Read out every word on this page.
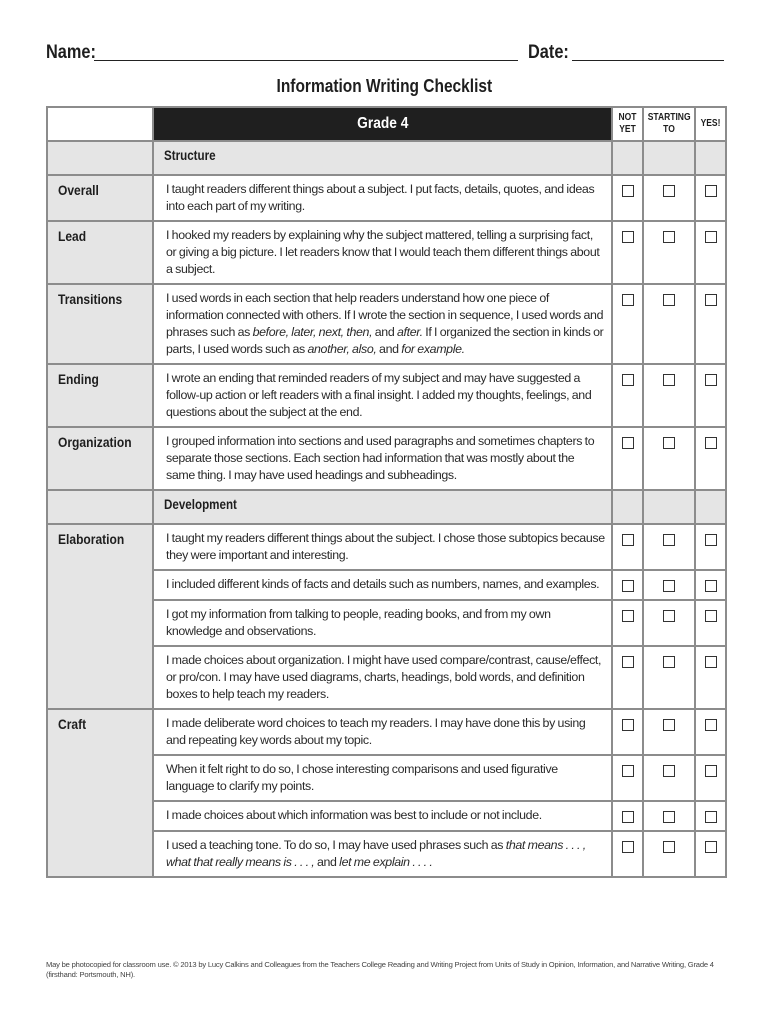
Name:	Date:
Information Writing Checklist
	Grade 4	NOT YET	STARTING TO	YES!

	Structure			
Overall	I taught readers different things about a subject. I put facts, details, quotes, and ideas into each part of my writing.			
Lead	I hooked my readers by explaining why the subject mattered, telling a surprising fact, or giving a big picture. I let readers know that I would teach them different things about a subject.			
Transitions	I used words in each section that help readers understand how one piece of information connected with others. If I wrote the section in sequence, I used words and phrases such as before, later, next, then, and after. If I organized the section in kinds or parts, I used words such as another, also, and for example.			
Ending	I wrote an ending that reminded readers of my subject and may have suggested a follow-up action or left readers with a final insight. I added my thoughts, feelings, and questions about the subject at the end.			
Organization	I grouped information into sections and used paragraphs and sometimes chapters to separate those sections. Each section had information that was mostly about the same thing. I may have used headings and subheadings.			
	Development			
Elaboration	I taught my readers different things about the subject. I chose those subtopics because they were important and interesting.			
	I included different kinds of facts and details such as numbers, names, and examples.			
	I got my information from talking to people, reading books, and from my own knowledge and observations.			
	I made choices about organization. I might have used compare/contrast, cause/effect, or pro/con. I may have used diagrams, charts, headings, bold words, and definition boxes to help teach my readers.			
Craft	I made deliberate word choices to teach my readers. I may have done this by using and repeating key words about my topic.			
	When it felt right to do so, I chose interesting comparisons and used figurative language to clarify my points.			
	I made choices about which information was best to include or not include.			
	I used a teaching tone. To do so, I may have used phrases such as that means . . . , what that really means is . . . , and let me explain . . . .			
May be photocopied for classroom use. © 2013 by Lucy Calkins and Colleagues from the Teachers College Reading and Writing Project from Units of Study in Opinion, Information, and Narrative Writing, Grade 4 (firsthand: Portsmouth, NH).
